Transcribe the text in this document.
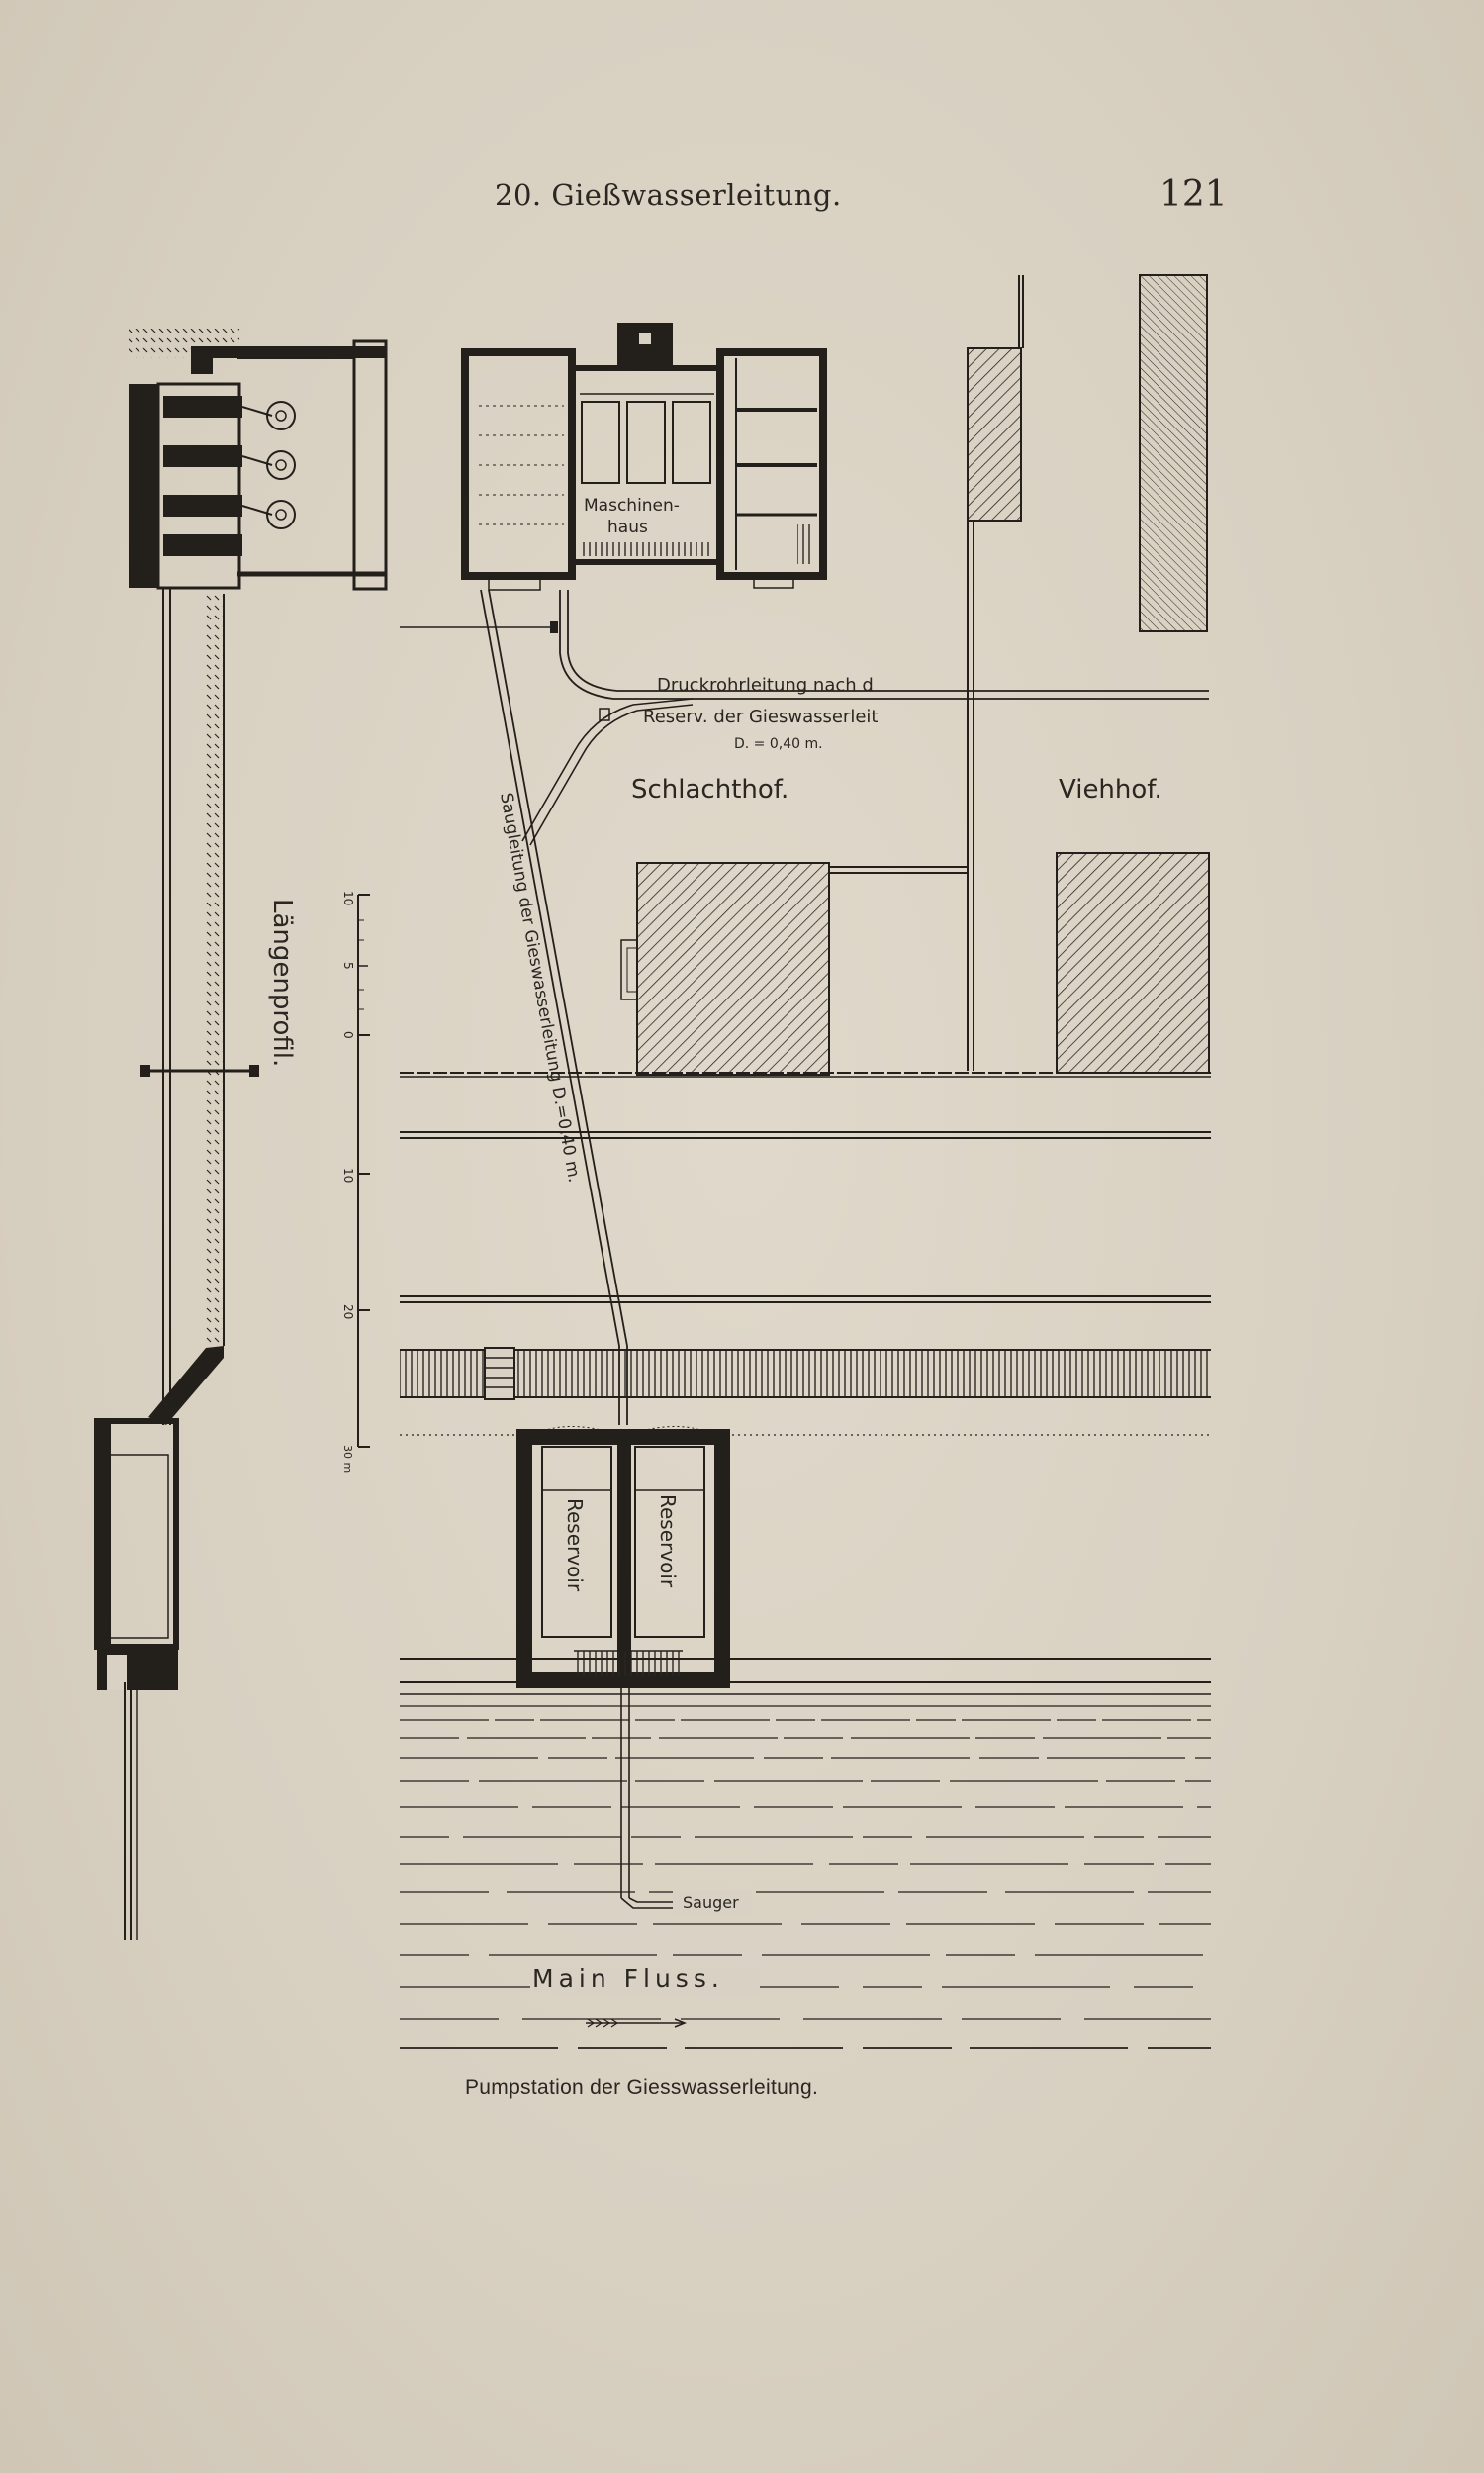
20. Gießwasserleitung.	121
Längenprofil.
10
5
0
10
20
30 m
Maschinen-
haus
Druckrohrleitung nach d
Reserv. der Gieswasserleit
D. = 0,40 m.
Saugleitung der Gieswasserleitung D.=0,40 m.
Schlachthof.	Viehhof.
Reservoir	Reservoir
Main Fluss.
Sauger
Pumpstation der Giesswasserleitung.
